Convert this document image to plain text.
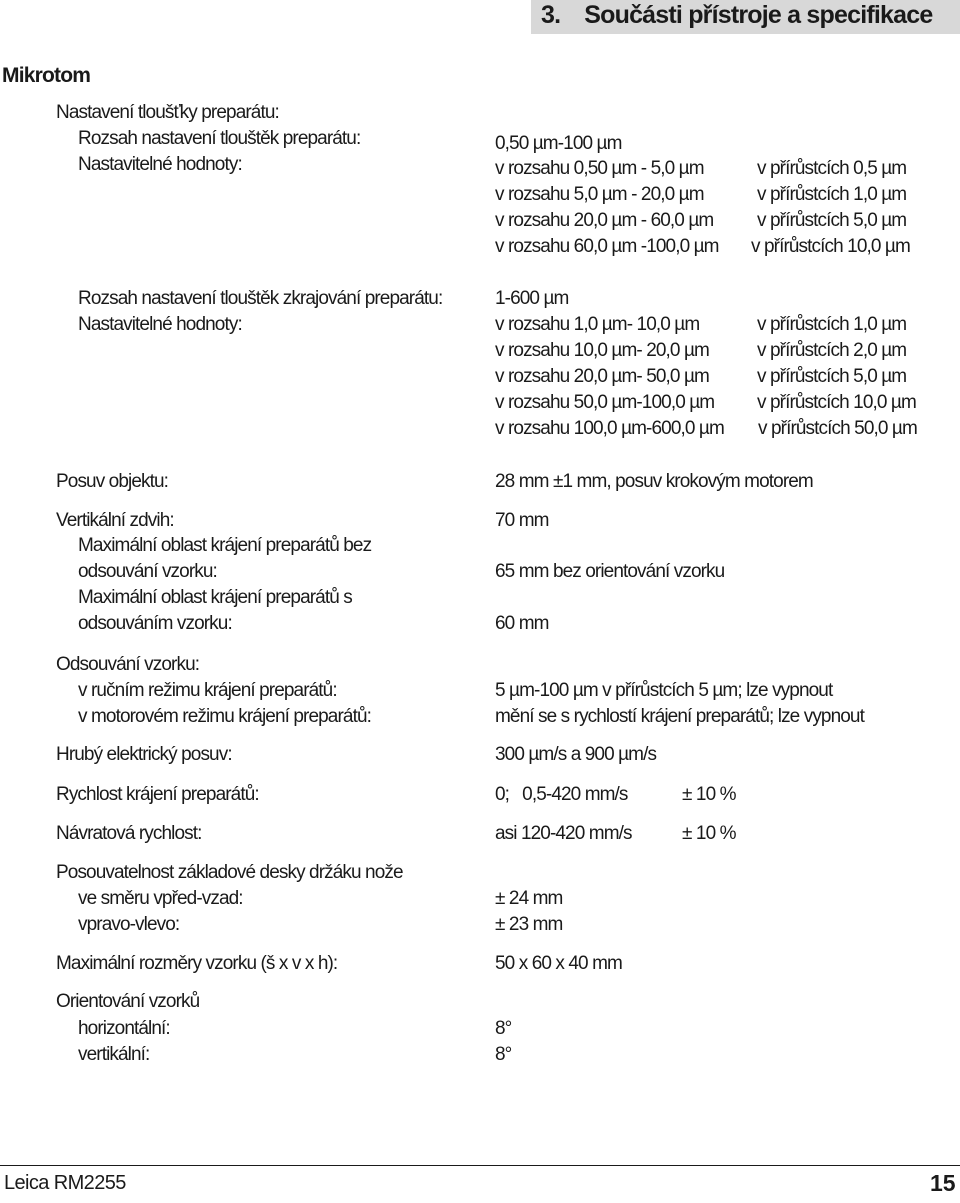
3. Součásti přístroje a specifikace
Mikrotom
Nastavení tloušťky preparátu:
Rozsah nastavení tlouštěk preparátu:	0,50 µm-100 µm
Nastavitelné hodnoty:	v rozsahu 0,50 µm - 5,0 µm	v přírůstcích 0,5 µm
v rozsahu 5,0 µm - 20,0 µm	v přírůstcích 1,0 µm
v rozsahu 20,0 µm - 60,0 µm v přírůstcích 5,0 µm
v rozsahu 60,0 µm -100,0 µm v přírůstcích 10,0 µm
Rozsah nastavení tlouštěk zkrajování preparátu:	1-600 µm
Nastavitelné hodnoty:	v rozsahu 1,0 µm- 10,0 µm	v přírůstcích 1,0 µm
v rozsahu 10,0 µm- 20,0 µm	v přírůstcích 2,0 µm
v rozsahu 20,0 µm- 50,0 µm	v přírůstcích 5,0 µm
v rozsahu 50,0 µm-100,0 µm v přírůstcích 10,0 µm
v rozsahu 100,0 µm-600,0 µm v přírůstcích 50,0 µm
Posuv objektu:	28 mm ±1 mm, posuv krokovým motorem
Vertikální zdvih:	70 mm
Maximální oblast krájení preparátů bez
odsouvání vzorku:	65 mm bez orientování vzorku
Maximální oblast krájení preparátů s
odsouváním vzorku:	60 mm
Odsouvání vzorku:
v ručním režimu krájení preparátů:	5 µm-100 µm v přírůstcích 5 µm; lze vypnout
v motorovém režimu krájení preparátů:	mění se s rychlostí krájení preparátů; lze vypnout
Hrubý elektrický posuv:	300 µm/s a 900 µm/s
Rychlost krájení preparátů:	0;   0,5-420 mm/s	± 10 %
Návratová rychlost:	asi 120-420 mm/s	± 10 %
Posouvatelnost základové desky držáku nože
ve směru vpřed-vzad:	± 24 mm
vpravo-vlevo:	± 23 mm
Maximální rozměry vzorku (š x v x h):	50 x 60 x 40 mm
Orientování vzorků
horizontální:	8°
vertikální:	8°
Leica RM2255	15
